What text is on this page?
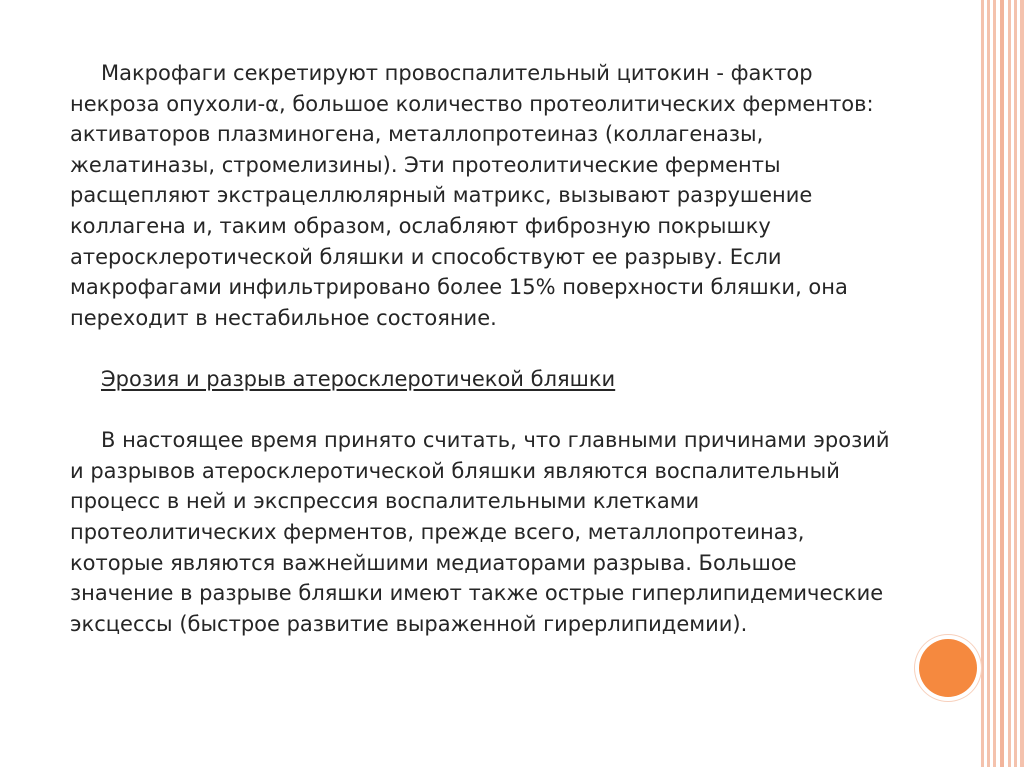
Макрофаги секретируют провоспалительный цитокин - фактор

некроза опухоли-α, большое количество протеолитических ферментов:

активаторов плазминогена, металлопротеиназ (коллагеназы,

желатиназы, стромелизины). Эти протеолитические ферменты

расщепляют экстрацеллюлярный матрикс, вызывают разрушение

коллагена и, таким образом, ослабляют фиброзную покрышку

атеросклеротической бляшки и способствуют ее разрыву. Если

макрофагами инфильтрировано более 15% поверхности бляшки, она

переходит в нестабильное состояние.

Эрозия и разрыв атеросклеротичекой бляшки

В настоящее время принято считать, что главными причинами эрозий

и разрывов атеросклеротической бляшки являются воспалительный

процесс в ней и экспрессия воспалительными клетками

протеолитических ферментов, прежде всего, металлопротеиназ,

которые являются важнейшими медиаторами разрыва. Большое

значение в разрыве бляшки имеют также острые гиперлипидемические

эксцессы (быстрое развитие выраженной гирерлипидемии).
